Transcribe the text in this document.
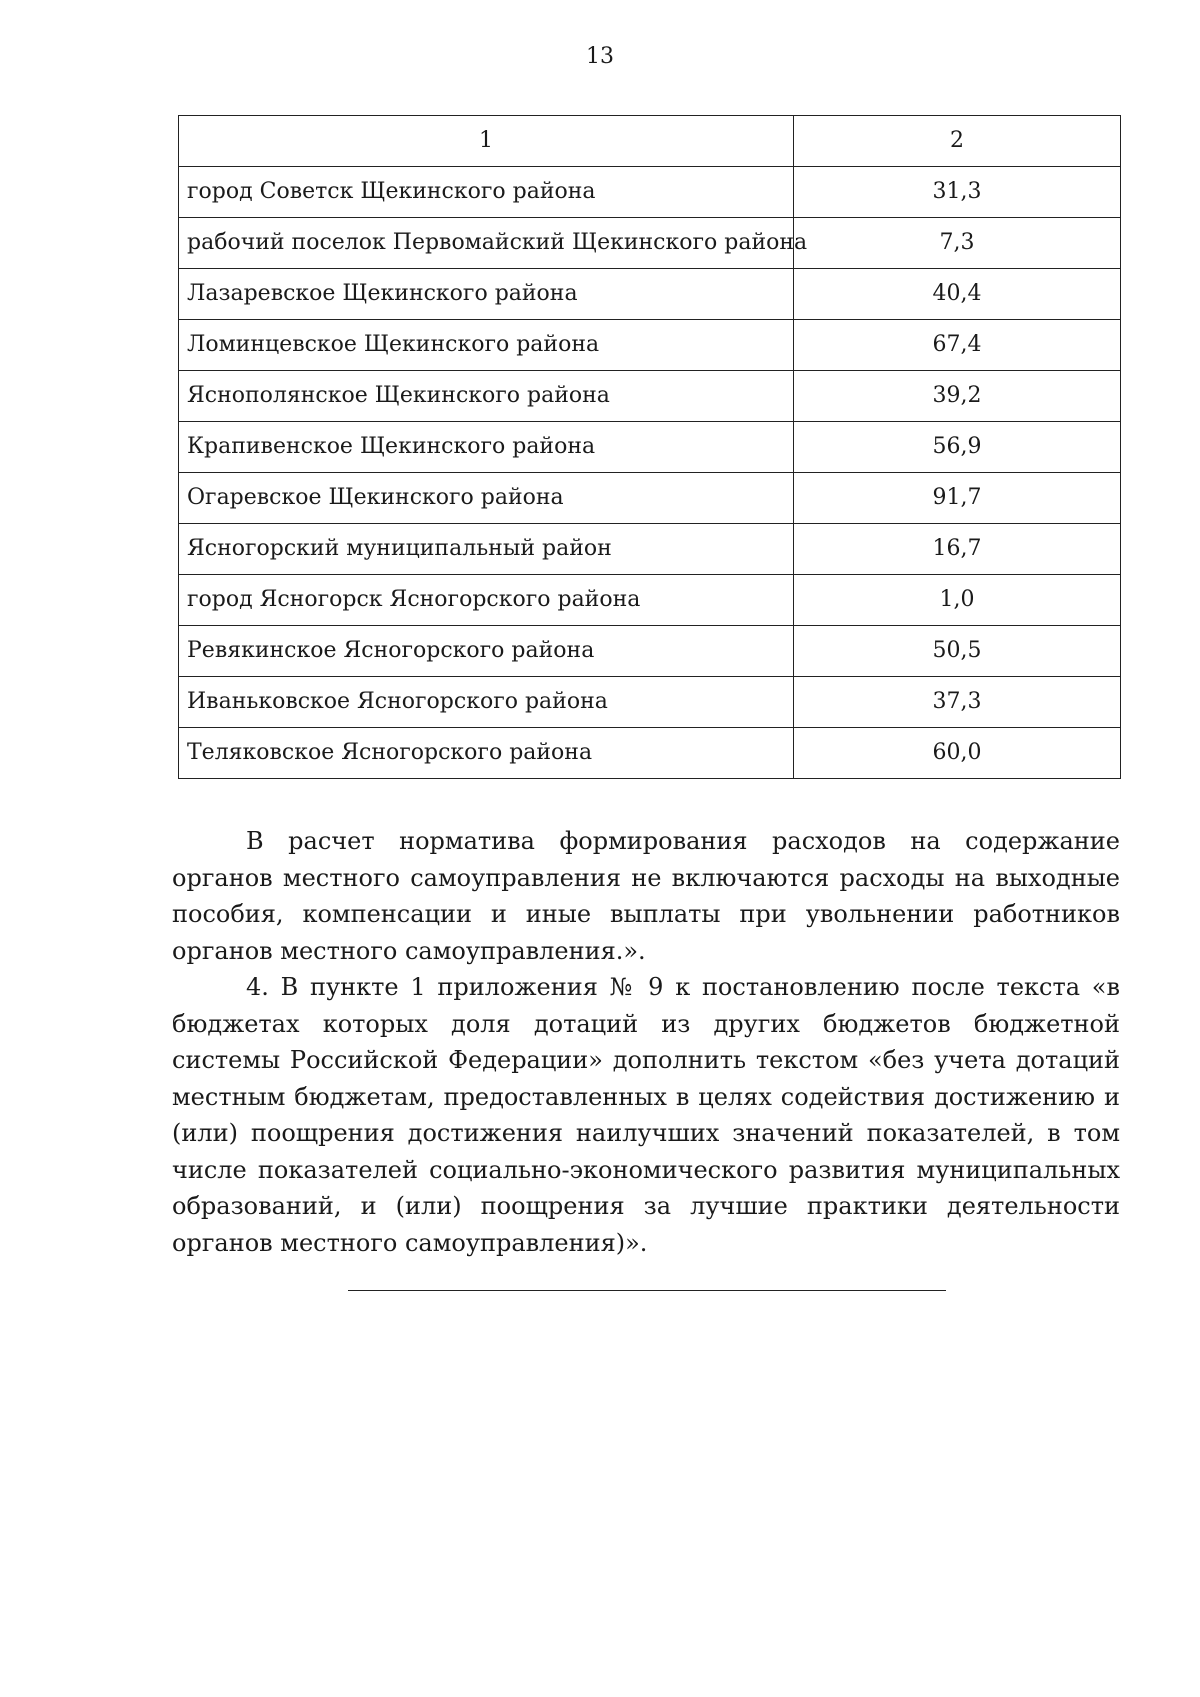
13
1	2
город Советск Щекинского района	31,3
рабочий поселок Первомайский Щекинского района	7,3
Лазаревское Щекинского района	40,4
Ломинцевское Щекинского района	67,4
Яснополянское Щекинского района	39,2
Крапивенское Щекинского района	56,9
Огаревское Щекинского района	91,7
Ясногорский муниципальный район	16,7
город Ясногорск Ясногорского района	1,0
Ревякинское Ясногорского района	50,5
Иваньковское Ясногорского района	37,3
Теляковское Ясногорского района	60,0

В расчет норматива формирования расходов на содержание органов местного самоуправления не включаются расходы на выходные пособия, компенсации и иные выплаты при увольнении работников органов местного самоуправления.».

4. В пункте 1 приложения № 9 к постановлению после текста «в бюджетах которых доля дотаций из других бюджетов бюджетной системы Российской Федерации» дополнить текстом «без учета дотаций местным бюджетам, предоставленных в целях содействия достижению и (или) поощрения достижения наилучших значений показателей, в том числе показателей социально-экономического развития муниципальных образований, и (или) поощрения за лучшие практики деятельности органов местного самоуправления)».
